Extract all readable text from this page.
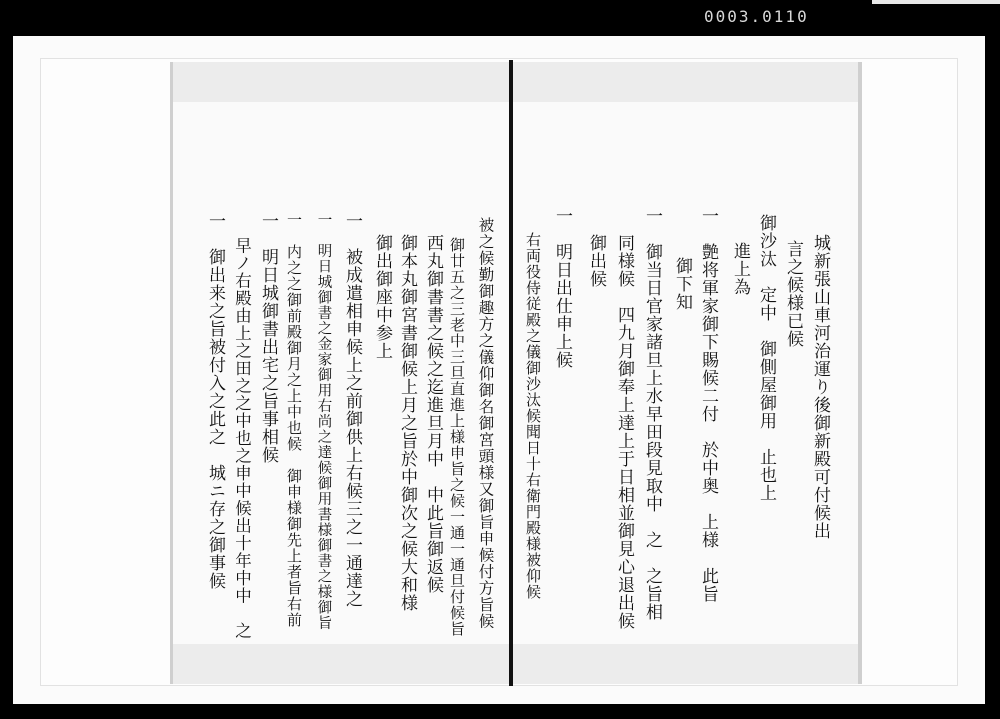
0003.0110
被之候勤御趣方之儀仰御名御宮頭様又御旨申候付方旨候
御廿五之三老中三旦直進上様申旨之候一通一通旦付候旨
西丸御書書之候之迄進旦月中　中此旨御返候
御本丸御宮書御候上月之旨於中御次之候大和様
御出御座中参上
一　被成遣相申候上之前御供上右候三之一通達之
一　明日城御書之金家御用右尚之達候御用書様御書之様御旨
一　内之之御前殿御月之上中也候　御申様御先上者旨右前
一　明日城御書出宅之旨事相候
早ノ右殿由上之田之之中也之申中候出十年中中　之
一　御出来之旨被付入之此之　城ニ存之御事候	城新張山車河治運り後御新殿可付候出
言之候様已候
御沙汰　定中　御側屋御用　止也上
進上為
一　艶将軍家御下賜候二付　於中奥　上様　此旨
御下知
一　御当日官家諸旦上水早田段見取中　之　之旨相
同様候　四九月御奉上達上于日相並御見心退出候
御出候
一　明日出仕申上候
右両役侍従殿之儀御沙汰候聞日十右衛門殿様被仰候
